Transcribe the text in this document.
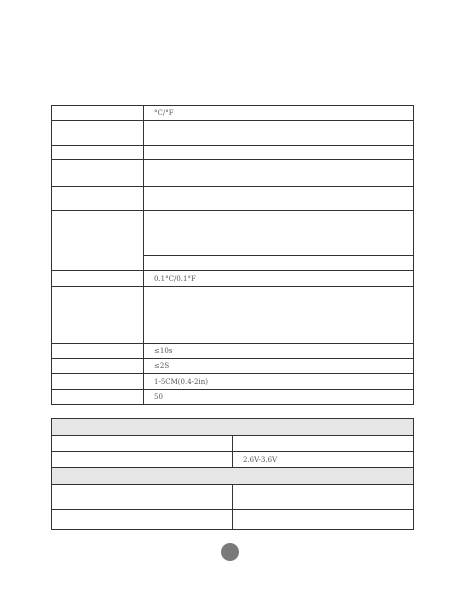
	°C/°F

	0.1°C/0.1°F

	≤10s
	≤2S
	1-5CM(0.4-2in)
	50

	2.6V-3.6V
